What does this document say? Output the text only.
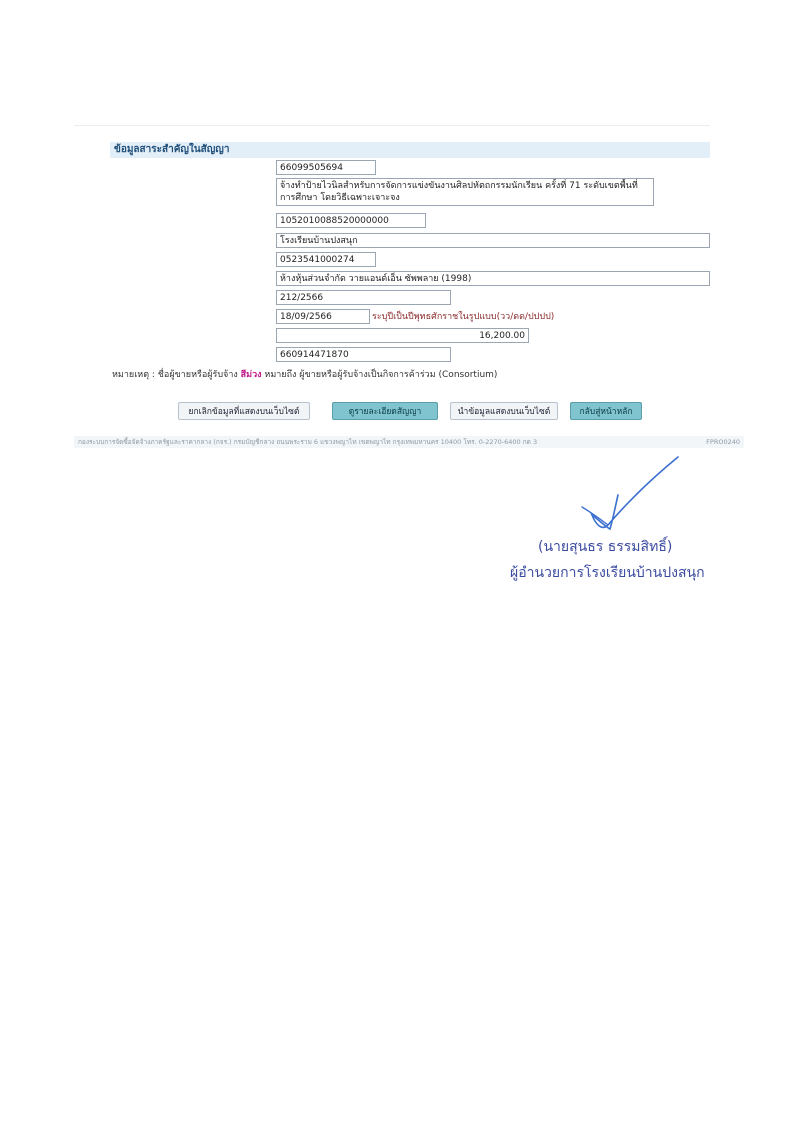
ข้อมูลสาระสำคัญในสัญญา
66099505694
จ้างทำป้ายไวนิลสำหรับการจัดการแข่งขันงานศิลปหัตถกรรมนักเรียน ครั้งที่ 71 ระดับเขตพื้นที่การศึกษา โดยวิธีเฉพาะเจาะจง
1052010088520000000
โรงเรียนบ้านปงสนุก
0523541000274
ห้างหุ้นส่วนจำกัด วายแอนด์เอ็น ซัพพลาย (1998)
212/2566
18/09/2566	ระบุปีเป็นปีพุทธศักราชในรูปแบบ(วว/ดด/ปปปป)
16,200.00
660914471870
หมายเหตุ : ชื่อผู้ขายหรือผู้รับจ้าง สีม่วง หมายถึง ผู้ขายหรือผู้รับจ้างเป็นกิจการค้าร่วม (Consortium)
ยกเลิกข้อมูลที่แสดงบนเว็บไซต์	ดูรายละเอียดสัญญา	นำข้อมูลแสดงบนเว็บไซต์	กลับสู่หน้าหลัก
กองระบบการจัดซื้อจัดจ้างภาครัฐและราคากลาง (กจร.) กรมบัญชีกลาง ถนนพระราม 6 แขวงพญาไท เขตพญาไท กรุงเทพมหานคร 10400 โทร. 0-2270-6400 กด 3	FPRO0240
(นายสุนธร ธรรมสิทธิ์)
ผู้อำนวยการโรงเรียนบ้านปงสนุก
